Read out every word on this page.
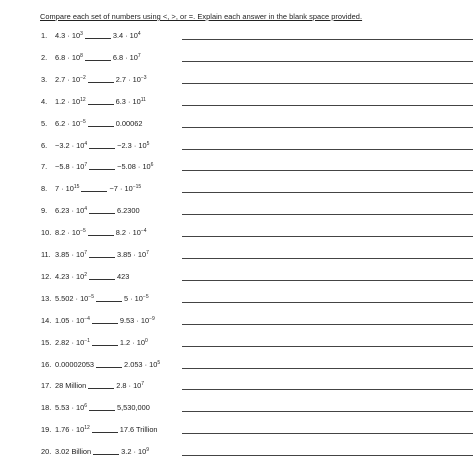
Compare each set of numbers using <, >, or =. Explain each answer in the blank space provided.
1. $4.3 \cdot 10^3$	$3.4 \cdot 10^4$
2. $6.8 \cdot 10^8$	$6.8 \cdot 10^7$
3. $2.7 \cdot 10^{-2}$	$2.7 \cdot 10^{-3}$
4. $1.2 \cdot 10^{12}$	$6.3 \cdot 10^{11}$
5. $6.2 \cdot 10^{-5}$	0.00062
6. $-3.2 \cdot 10^4$	$-2.3 \cdot 10^5$
7. $-5.8 \cdot 10^7$	$-5.08 \cdot 10^6$
8. $7 \cdot 10^{15}$	$-7 \cdot 10^{-15}$
9. $6.23 \cdot 10^4$	6.2300
10. $8.2 \cdot 10^{-5}$	$8.2 \cdot 10^{-4}$
11. $3.85 \cdot 10^7$	$3.85 \cdot 10^7$
12. $4.23 \cdot 10^2$	423
13. $5.502 \cdot 10^{-5}$	$5 \cdot 10^{-5}$
14. $1.05 \cdot 10^{-4}$	$9.53 \cdot 10^{-9}$
15. $2.82 \cdot 10^{-1}$	$1.2 \cdot 10^0$
16. 0.00002053	$2.053 \cdot 10^5$
17. 28 Million	$2.8 \cdot 10^7$
18. $5.53 \cdot 10^6$	5,530,000
19. $1.76 \cdot 10^{12}$	17.6 Trillion
20. 3.02 Billion	$3.2 \cdot 10^9$
